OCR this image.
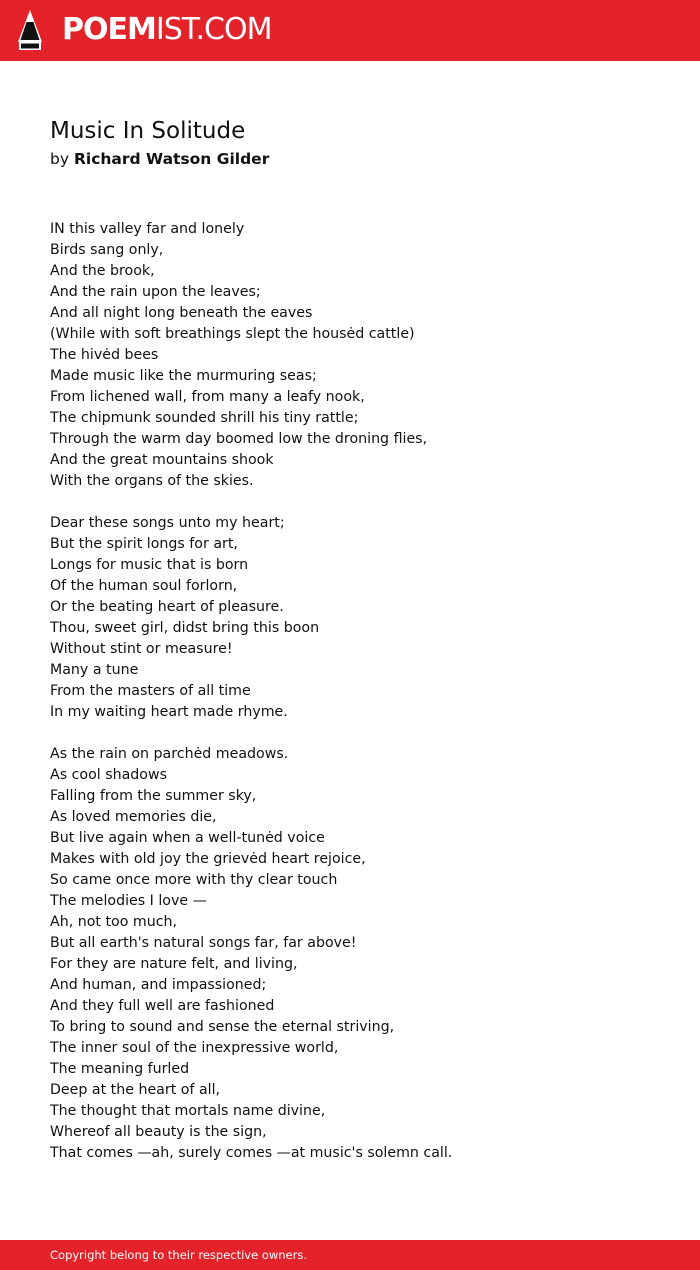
POEMIST.COM
Music In Solitude
by Richard Watson Gilder
IN this valley far and lonely
Birds sang only,
And the brook,
And the rain upon the leaves;
And all night long beneath the eaves
(While with soft breathings slept the housėd cattle)
The hivėd bees
Made music like the murmuring seas;
From lichened wall, from many a leafy nook,
The chipmunk sounded shrill his tiny rattle;
Through the warm day boomed low the droning flies,
And the great mountains shook
With the organs of the skies.
Dear these songs unto my heart;
But the spirit longs for art,
Longs for music that is born
Of the human soul forlorn,
Or the beating heart of pleasure.
Thou, sweet girl, didst bring this boon
Without stint or measure!
Many a tune
From the masters of all time
In my waiting heart made rhyme.
As the rain on parchėd meadows.
As cool shadows
Falling from the summer sky,
As loved memories die,
But live again when a well-tunėd voice
Makes with old joy the grievėd heart rejoice,
So came once more with thy clear touch
The melodies I love —
Ah, not too much,
But all earth's natural songs far, far above!
For they are nature felt, and living,
And human, and impassioned;
And they full well are fashioned
To bring to sound and sense the eternal striving,
The inner soul of the inexpressive world,
The meaning furled
Deep at the heart of all,
The thought that mortals name divine,
Whereof all beauty is the sign,
That comes —ah, surely comes —at music's solemn call.
Copyright belong to their respective owners.
